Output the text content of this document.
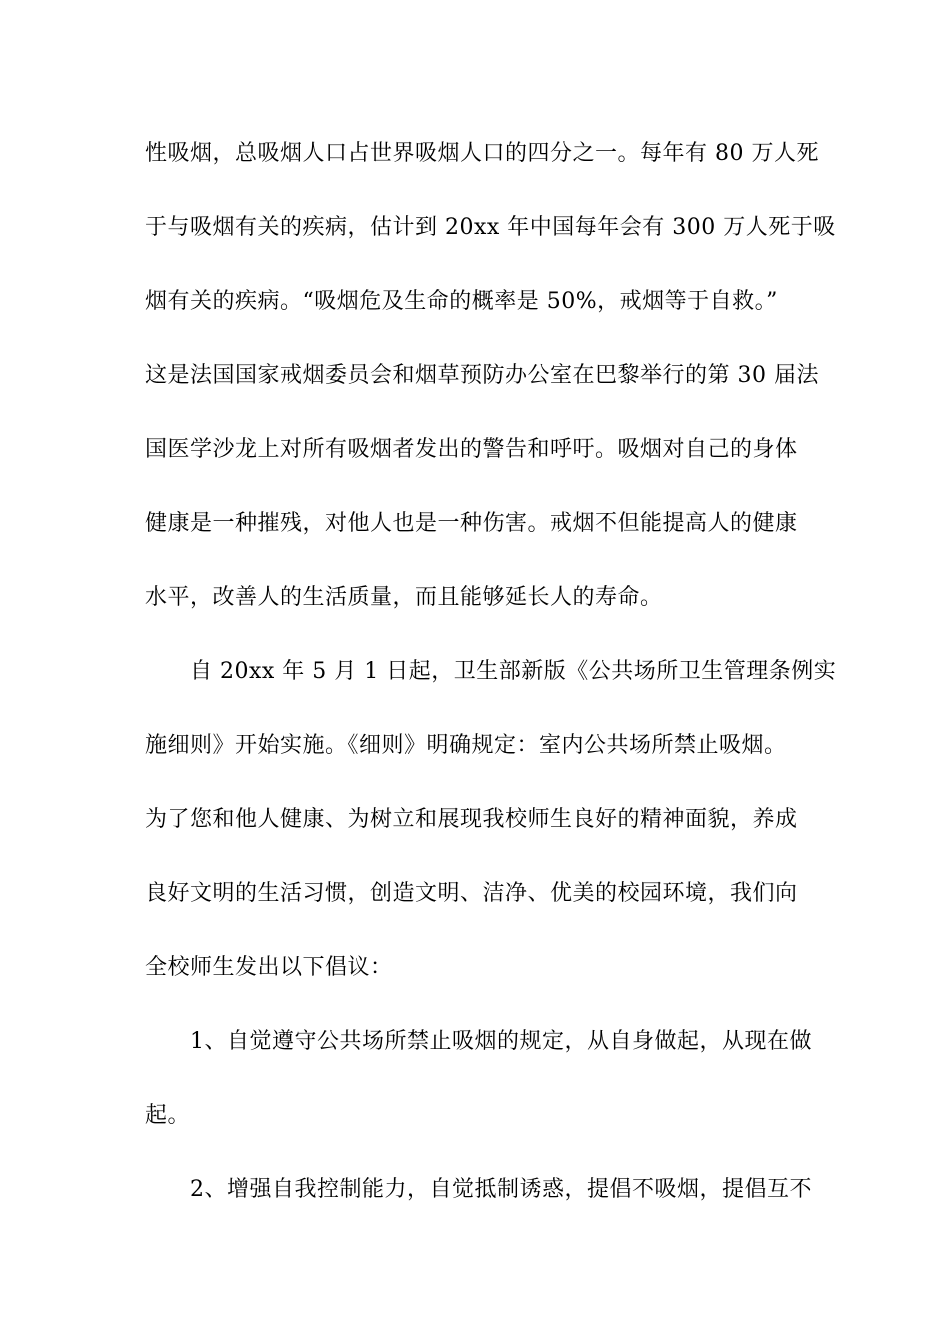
性吸烟，总吸烟人口占世界吸烟人口的四分之一。每年有 80 万人死
于与吸烟有关的疾病，估计到 20xx 年中国每年会有 300 万人死于吸
烟有关的疾病。“吸烟危及生命的概率是 50%，戒烟等于自救。”
这是法国国家戒烟委员会和烟草预防办公室在巴黎举行的第 30 届法
国医学沙龙上对所有吸烟者发出的警告和呼吁。吸烟对自己的身体
健康是一种摧残，对他人也是一种伤害。戒烟不但能提高人的健康
水平，改善人的生活质量，而且能够延长人的寿命。
自 20xx 年 5 月 1 日起，卫生部新版《公共场所卫生管理条例实
施细则》开始实施。《细则》明确规定：室内公共场所禁止吸烟。
为了您和他人健康、为树立和展现我校师生良好的精神面貌，养成
良好文明的生活习惯，创造文明、洁净、优美的校园环境，我们向
全校师生发出以下倡议：
1、自觉遵守公共场所禁止吸烟的规定，从自身做起，从现在做
起。
2、增强自我控制能力，自觉抵制诱惑，提倡不吸烟，提倡互不
